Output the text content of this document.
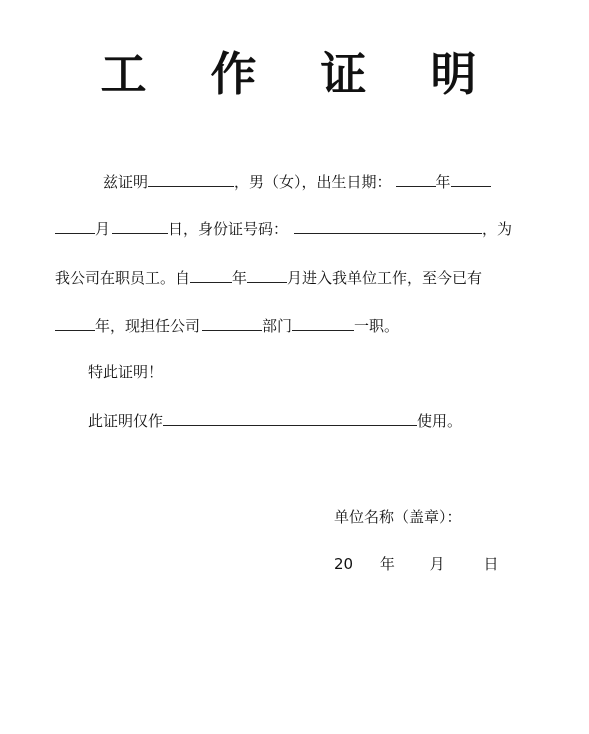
工 作 证 明
兹证明	，男（女），出生日期：	年
月	日，身份证号码：	，为
我公司在职员工。自	年	月进入我单位工作，至今已有
年，现担任公司	部门	一职。
特此证明！
此证明仅作	使用。
单位名称（盖章）：
20 年 月	日
